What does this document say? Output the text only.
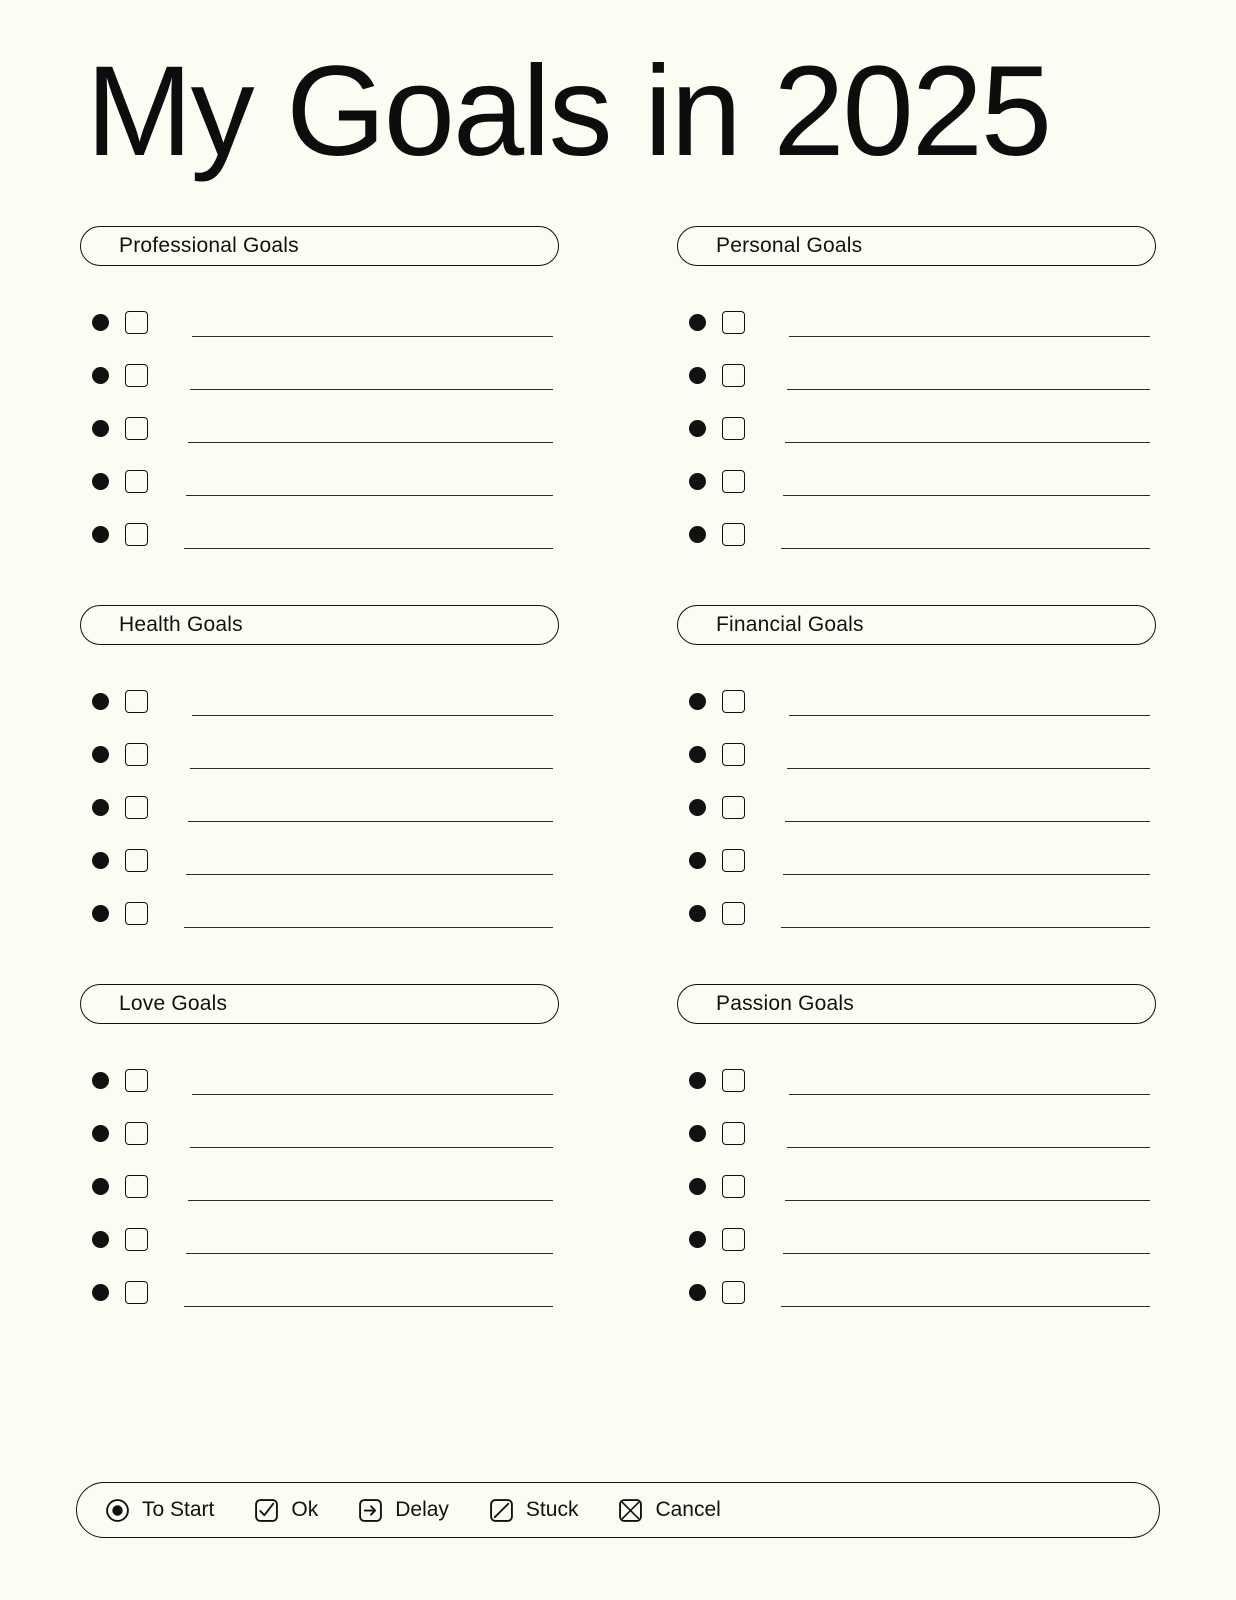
My Goals in 2025
Professional Goals	Personal Goals
Health Goals	Financial Goals
Love Goals	Passion Goals
To Start	Ok	Delay	Stuck	Cancel
